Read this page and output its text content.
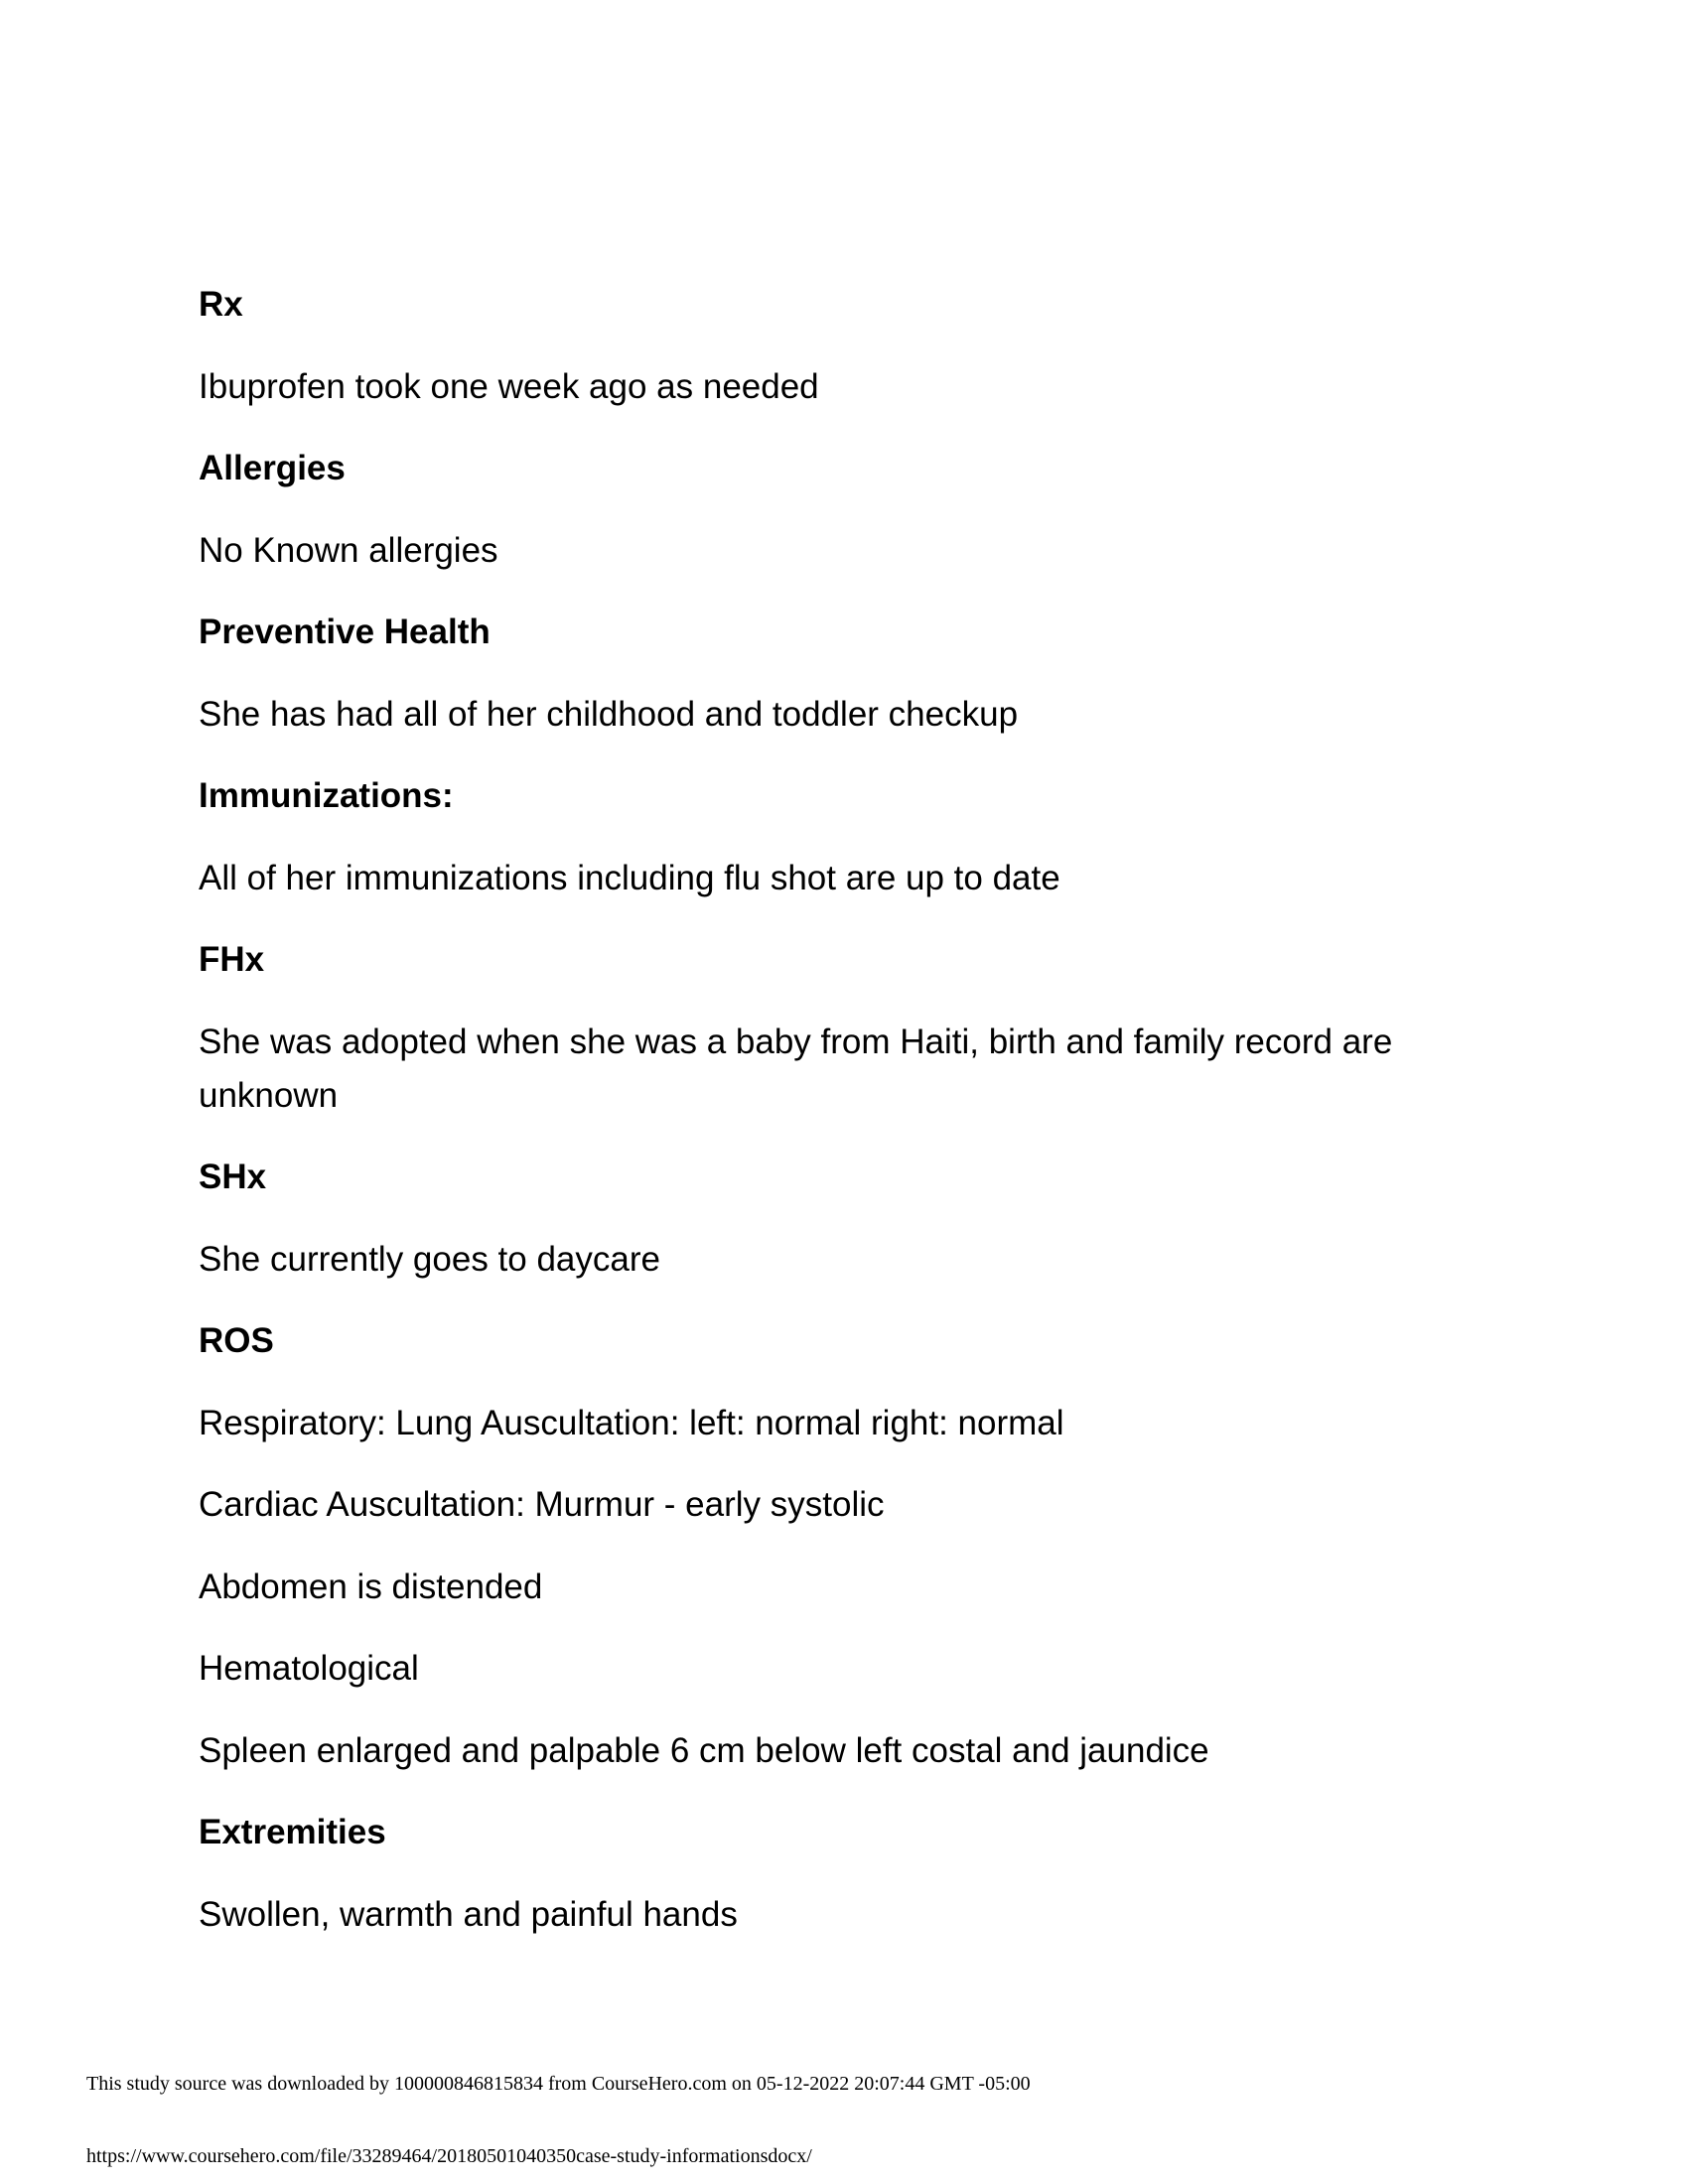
Rx

Ibuprofen took one week ago as needed

Allergies

No Known allergies

Preventive Health

She has had all of her childhood and toddler checkup

Immunizations:

All of her immunizations including flu shot are up to date

FHx

She was adopted when she was a baby from Haiti, birth and family record are unknown

SHx

She currently goes to daycare

ROS

Respiratory: Lung Auscultation: left: normal right: normal

Cardiac Auscultation: Murmur - early systolic

Abdomen is distended

Hematological

Spleen enlarged and palpable 6 cm below left costal and jaundice

Extremities

Swollen, warmth and painful hands

This study source was downloaded by 100000846815834 from CourseHero.com on 05-12-2022 20:07:44 GMT -05:00
https://www.coursehero.com/file/33289464/20180501040350case-study-informationsdocx/
